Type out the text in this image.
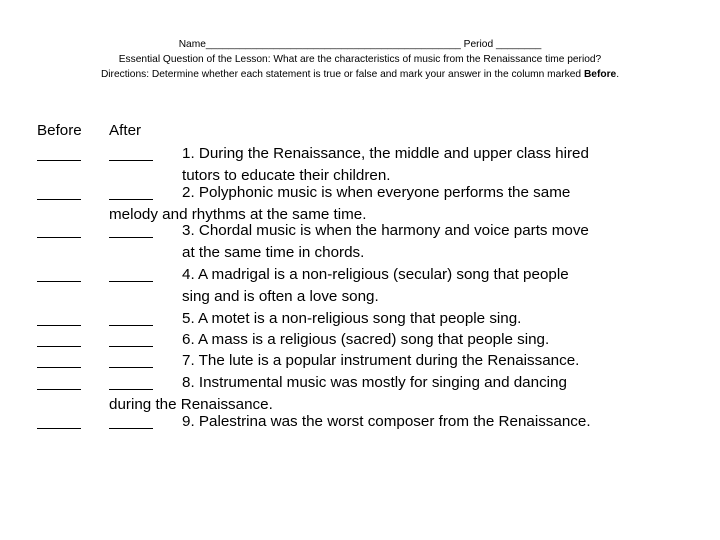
Name_____________________________________________ Period ________
Essential Question of the Lesson: What are the characteristics of music from the Renaissance time period?
Directions: Determine whether each statement is true or false and mark your answer in the column marked Before.
Before After
1. During the Renaissance, the middle and upper class hired
tutors to educate their children.
2. Polyphonic music is when everyone performs the same
melody and rhythms at the same time.
3. Chordal music is when the harmony and voice parts move
at the same time in chords.
4. A madrigal is a non-religious (secular) song that people
sing and is often a love song.
5. A motet is a non-religious song that people sing.
6. A mass is a religious (sacred) song that people sing.
7. The lute is a popular instrument during the Renaissance.
8. Instrumental music was mostly for singing and dancing
during the Renaissance.
9. Palestrina was the worst composer from the Renaissance.
